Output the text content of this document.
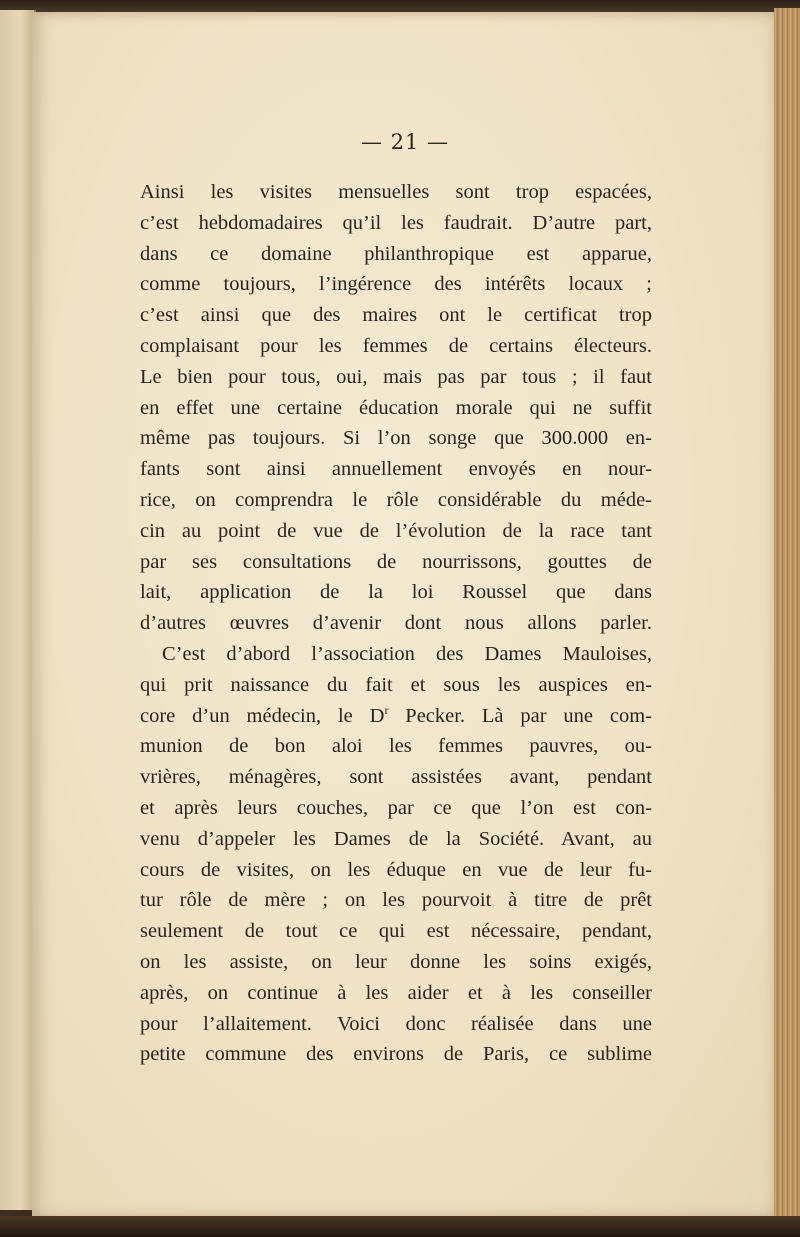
— 21 —
Ainsi les visites mensuelles sont trop espacées,
c’est hebdomadaires qu’il les faudrait. D’autre part,
dans ce domaine philanthropique est apparue,
comme toujours, l’ingérence des intérêts locaux ;
c’est ainsi que des maires ont le certificat trop
complaisant pour les femmes de certains électeurs.
Le bien pour tous, oui, mais pas par tous ; il faut
en effet une certaine éducation morale qui ne suffit
même pas toujours. Si l’on songe que 300.000 en-
fants sont ainsi annuellement envoyés en nour-
rice, on comprendra le rôle considérable du méde-
cin au point de vue de l’évolution de la race tant
par ses consultations de nourrissons, gouttes de
lait, application de la loi Roussel que dans
d’autres œuvres d’avenir dont nous allons parler.
C’est d’abord l’association des Dames Mauloises,
qui prit naissance du fait et sous les auspices en-
core d’un médecin, le $D^r$ Pecker. Là par une com-
munion de bon aloi les femmes pauvres, ou-
vrières, ménagères, sont assistées avant, pendant
et après leurs couches, par ce que l’on est con-
venu d’appeler les Dames de la Société. Avant, au
cours de visites, on les éduque en vue de leur fu-
tur rôle de mère ; on les pourvoit à titre de prêt
seulement de tout ce qui est nécessaire, pendant,
on les assiste, on leur donne les soins exigés,
après, on continue à les aider et à les conseiller
pour l’allaitement. Voici donc réalisée dans une
petite commune des environs de Paris, ce sublime
